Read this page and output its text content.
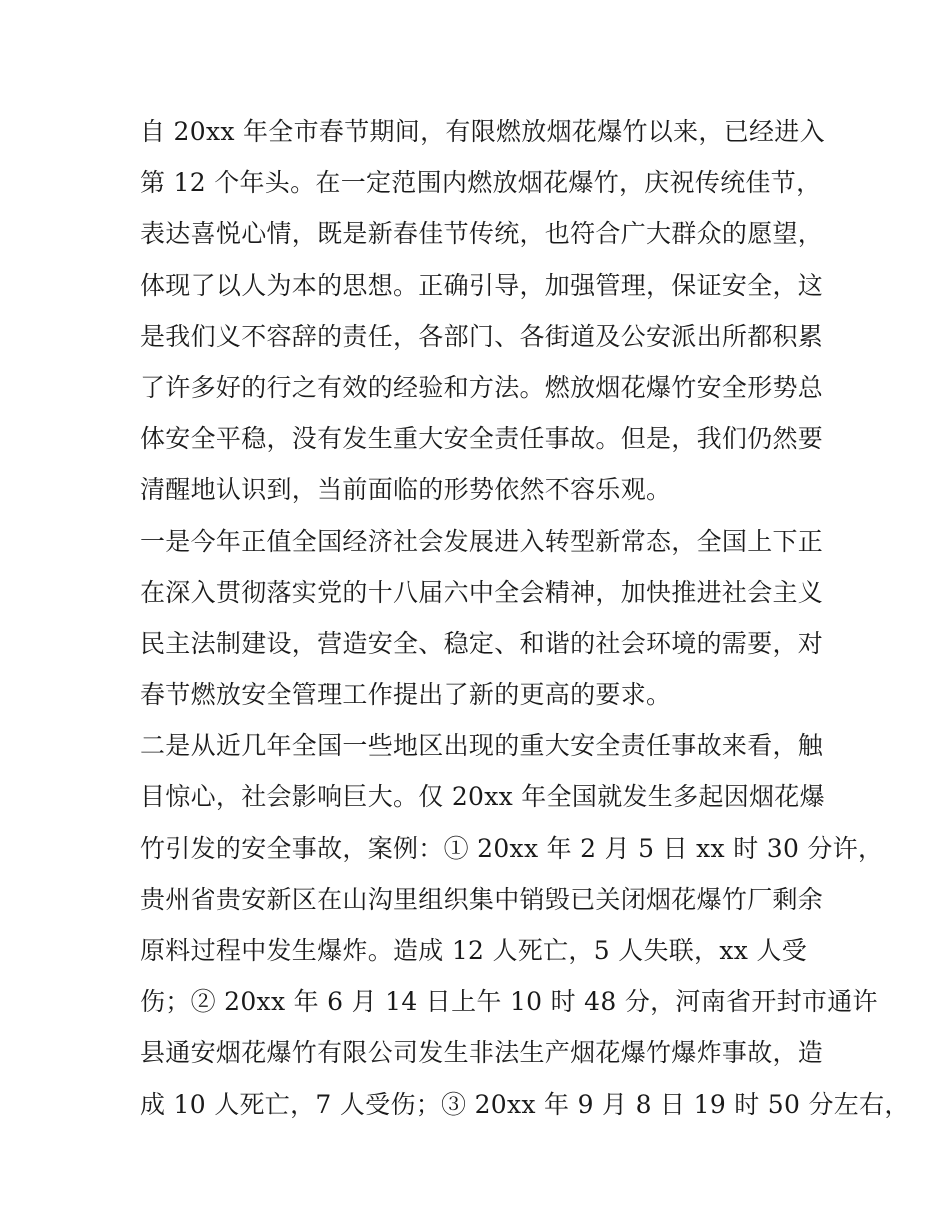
自 20xx 年全市春节期间，有限燃放烟花爆竹以来，已经进入
第 12 个年头。在一定范围内燃放烟花爆竹，庆祝传统佳节，
表达喜悦心情，既是新春佳节传统，也符合广大群众的愿望，
体现了以人为本的思想。正确引导，加强管理，保证安全，这
是我们义不容辞的责任，各部门、各街道及公安派出所都积累
了许多好的行之有效的经验和方法。燃放烟花爆竹安全形势总
体安全平稳，没有发生重大安全责任事故。但是，我们仍然要
清醒地认识到，当前面临的形势依然不容乐观。
一是今年正值全国经济社会发展进入转型新常态，全国上下正
在深入贯彻落实党的十八届六中全会精神，加快推进社会主义
民主法制建设，营造安全、稳定、和谐的社会环境的需要，对
春节燃放安全管理工作提出了新的更高的要求。
二是从近几年全国一些地区出现的重大安全责任事故来看，触
目惊心，社会影响巨大。仅 20xx 年全国就发生多起因烟花爆
竹引发的安全事故，案例：① 20xx 年 2 月 5 日 xx 时 30 分许，
贵州省贵安新区在山沟里组织集中销毁已关闭烟花爆竹厂剩余
原料过程中发生爆炸。造成 12 人死亡，5 人失联，xx 人受
伤；② 20xx 年 6 月 14 日上午 10 时 48 分，河南省开封市通许
县通安烟花爆竹有限公司发生非法生产烟花爆竹爆炸事故，造
成 10 人死亡，7 人受伤；③ 20xx 年 9 月 8 日 19 时 50 分左右，
